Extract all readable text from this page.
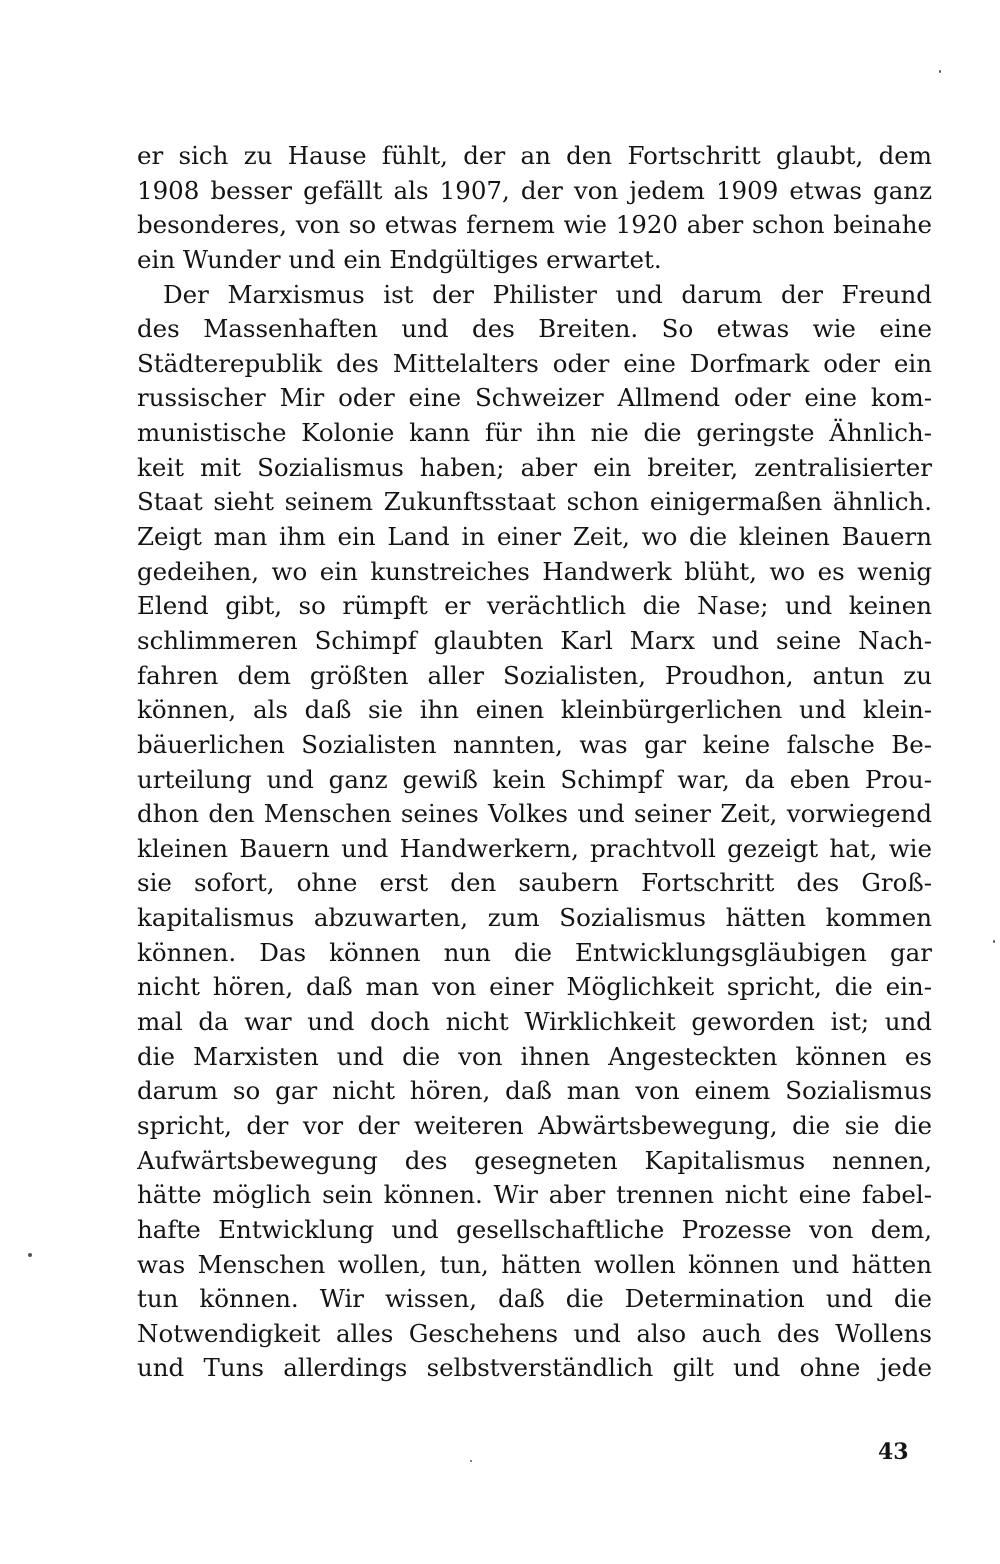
er sich zu Hause fühlt, der an den Fortschritt glaubt, dem
1908 besser gefällt als 1907, der von jedem 1909 etwas ganz
besonderes, von so etwas fernem wie 1920 aber schon beinahe
ein Wunder und ein Endgültiges erwartet.
Der Marxismus ist der Philister und darum der Freund
des Massenhaften und des Breiten. So etwas wie eine
Städterepublik des Mittelalters oder eine Dorfmark oder ein
russischer Mir oder eine Schweizer Allmend oder eine kom-
munistische Kolonie kann für ihn nie die geringste Ähnlich-
keit mit Sozialismus haben; aber ein breiter, zentralisierter
Staat sieht seinem Zukunftsstaat schon einigermaßen ähnlich.
Zeigt man ihm ein Land in einer Zeit, wo die kleinen Bauern
gedeihen, wo ein kunstreiches Handwerk blüht, wo es wenig
Elend gibt, so rümpft er verächtlich die Nase; und keinen
schlimmeren Schimpf glaubten Karl Marx und seine Nach-
fahren dem größten aller Sozialisten, Proudhon, antun zu
können, als daß sie ihn einen kleinbürgerlichen und klein-
bäuerlichen Sozialisten nannten, was gar keine falsche Be-
urteilung und ganz gewiß kein Schimpf war, da eben Prou-
dhon den Menschen seines Volkes und seiner Zeit, vorwiegend
kleinen Bauern und Handwerkern, prachtvoll gezeigt hat, wie
sie sofort, ohne erst den saubern Fortschritt des Groß-
kapitalismus abzuwarten, zum Sozialismus hätten kommen
können. Das können nun die Entwicklungsgläubigen gar
nicht hören, daß man von einer Möglichkeit spricht, die ein-
mal da war und doch nicht Wirklichkeit geworden ist; und
die Marxisten und die von ihnen Angesteckten können es
darum so gar nicht hören, daß man von einem Sozialismus
spricht, der vor der weiteren Abwärtsbewegung, die sie die
Aufwärtsbewegung des gesegneten Kapitalismus nennen,
hätte möglich sein können. Wir aber trennen nicht eine fabel-
hafte Entwicklung und gesellschaftliche Prozesse von dem,
was Menschen wollen, tun, hätten wollen können und hätten
tun können. Wir wissen, daß die Determination und die
Notwendigkeit alles Geschehens und also auch des Wollens
und Tuns allerdings selbstverständlich gilt und ohne jede
43
